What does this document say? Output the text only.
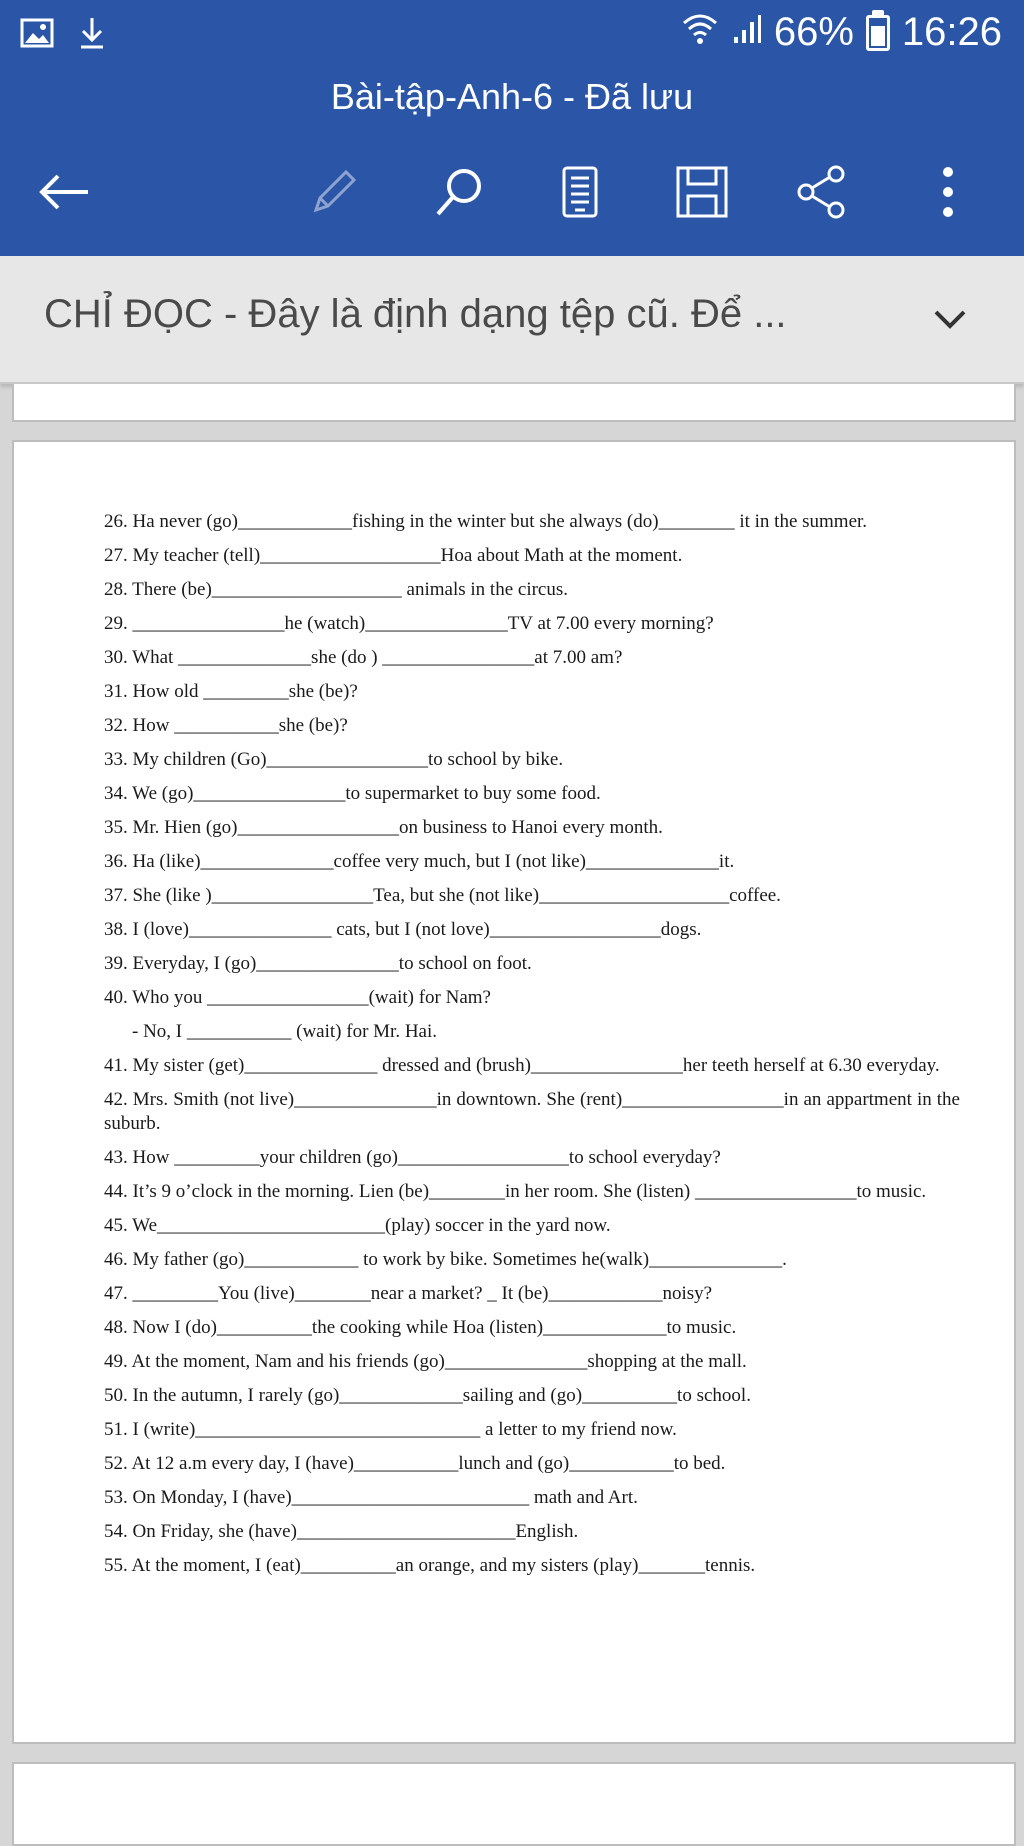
66% 16:26
Bài-tập-Anh-6 - Đã lưu
CHỈ ĐỌC - Đây là định dạng tệp cũ. Để ...
26. Ha never (go)____________fishing in the winter but she always (do)________ it in the summer.
27. My teacher (tell)___________________Hoa about Math at the moment.
28. There (be)____________________ animals in the circus.
29. ________________he (watch)_______________TV at 7.00 every morning?
30. What ______________she (do ) ________________at 7.00 am?
31. How old _________she (be)?
32. How ___________she (be)?
33. My children (Go)_________________to school by bike.
34. We (go)________________to supermarket to buy some food.
35. Mr. Hien (go)_________________on business to Hanoi every month.
36. Ha (like)______________coffee very much, but I (not like)______________it.
37. She (like )_________________Tea, but she (not like)____________________coffee.
38. I (love)_______________ cats, but I (not love)__________________dogs.
39. Everyday, I (go)_______________to school on foot.
40. Who you _________________(wait) for Nam?
- No, I ___________ (wait) for Mr. Hai.
41. My sister (get)______________ dressed and (brush)________________her teeth herself at 6.30 everyday.
42. Mrs. Smith (not live)_______________in downtown. She (rent)_________________in an appartment in the suburb.
43. How _________your children (go)__________________to school everyday?
44. It’s 9 o’clock in the morning. Lien (be)________in her room. She (listen) _________________to music.
45. We________________________(play) soccer in the yard now.
46. My father (go)____________ to work by bike. Sometimes he(walk)______________.
47. _________You (live)________near a market? _ It (be)____________noisy?
48. Now I (do)__________the cooking while Hoa (listen)_____________to music.
49. At the moment, Nam and his friends (go)_______________shopping at the mall.
50. In the autumn, I rarely (go)_____________sailing and (go)__________to school.
51. I (write)______________________________ a letter to my friend now.
52. At 12 a.m every day, I (have)___________lunch and (go)___________to bed.
53. On Monday, I (have)_________________________ math and Art.
54. On Friday, she (have)_______________________English.
55. At the moment, I (eat)__________an orange, and my sisters (play)_______tennis.
